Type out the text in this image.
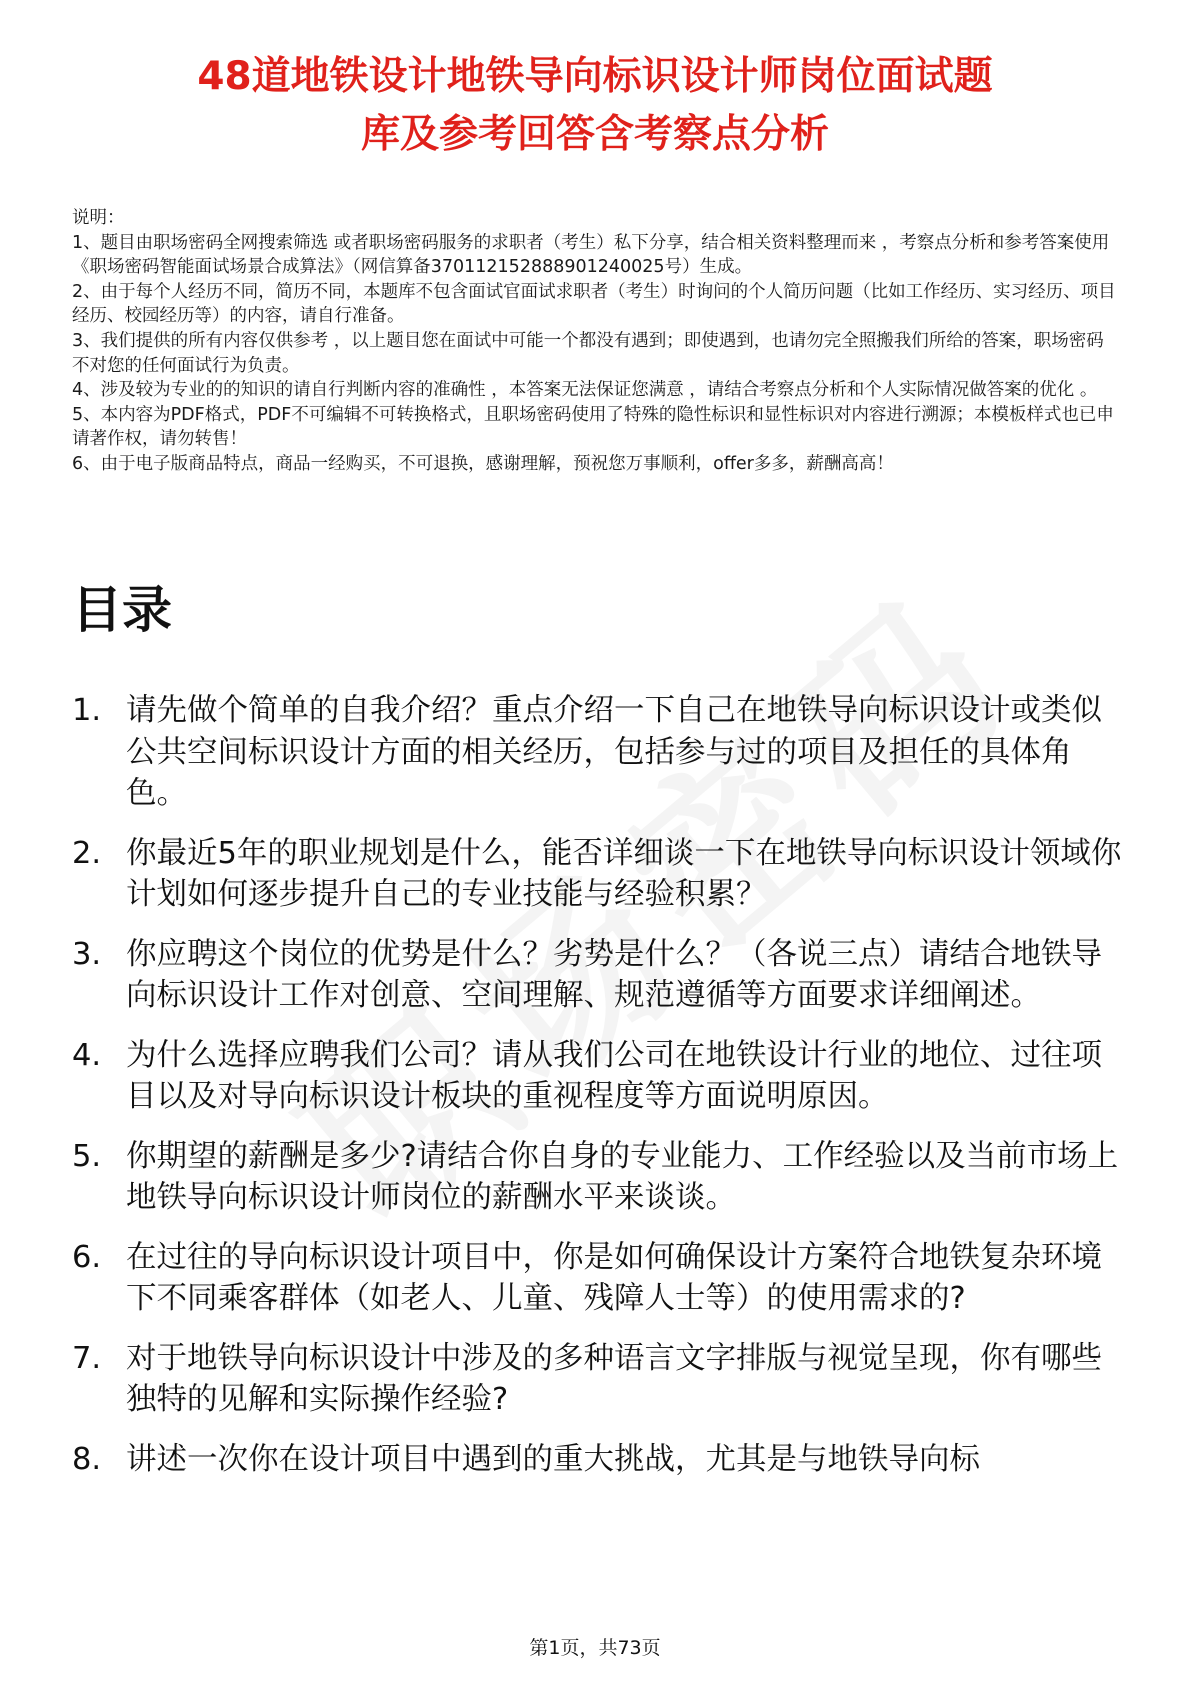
48道地铁设计地铁导向标识设计师岗位面试题
库及参考回答含考察点分析

说明：

1、题目由职场密码全网搜索筛选 或者职场密码服务的求职者（考生）私下分享，结合相关资料整理而来 ，考察点分析和参考答案使用《职场密码智能面试场景合成算法》（网信算备370112152888901240025号）生成。

2、由于每个人经历不同，简历不同，本题库不包含面试官面试求职者（考生）时询问的个人简历问题（比如工作经历、实习经历、项目经历、校园经历等）的内容，请自行准备。

3、我们提供的所有内容仅供参考 ，以上题目您在面试中可能一个都没有遇到；即使遇到，也请勿完全照搬我们所给的答案，职场密码不对您的任何面试行为负责。

4、涉及较为专业的的知识的请自行判断内容的准确性 ，本答案无法保证您满意 ，请结合考察点分析和个人实际情况做答案的优化 。

5、本内容为PDF格式，PDF不可编辑不可转换格式，且职场密码使用了特殊的隐性标识和显性标识对内容进行溯源；本模板样式也已申请著作权，请勿转售！

6、由于电子版商品特点，商品一经购买，不可退换，感谢理解，预祝您万事顺利，offer多多，薪酬高高！

目录
1. 请先做个简单的自我介绍？重点介绍一下自己在地铁导向标识设计或类似公共空间标识设计方面的相关经历，包括参与过的项目及担任的具体角色。
2. 你最近5年的职业规划是什么，能否详细谈一下在地铁导向标识设计领域你计划如何逐步提升自己的专业技能与经验积累？
3. 你应聘这个岗位的优势是什么？劣势是什么？（各说三点）请结合地铁导向标识设计工作对创意、空间理解、规范遵循等方面要求详细阐述。
4. 为什么选择应聘我们公司？请从我们公司在地铁设计行业的地位、过往项目以及对导向标识设计板块的重视程度等方面说明原因。
5. 你期望的薪酬是多少?请结合你自身的专业能力、工作经验以及当前市场上地铁导向标识设计师岗位的薪酬水平来谈谈。
6. 在过往的导向标识设计项目中，你是如何确保设计方案符合地铁复杂环境下不同乘客群体（如老人、儿童、残障人士等）的使用需求的?
7. 对于地铁导向标识设计中涉及的多种语言文字排版与视觉呈现，你有哪些独特的见解和实际操作经验?
8. 讲述一次你在设计项目中遇到的重大挑战，尤其是与地铁导向标
第1页，共73页
